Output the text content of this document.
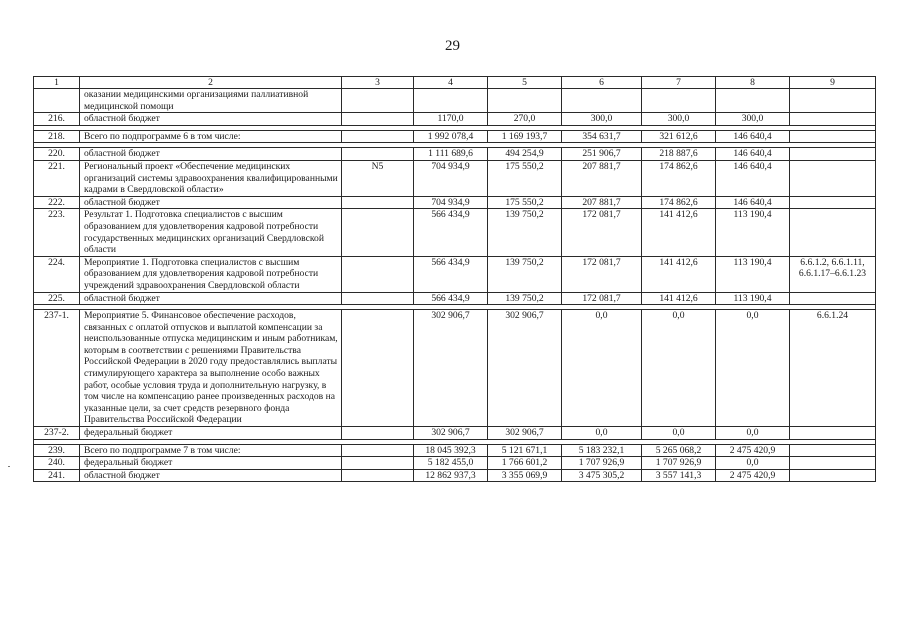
29
1	2	3	4	5	6	7	8	9
	оказании медицинскими организациями паллиативной медицинской помощи							
216.	областной бюджет		1170,0	270,0	300,0	300,0	300,0	

218.	Всего по подпрограмме 6 в том числе:		1 992 078,4	1 169 193,7	354 631,7	321 612,6	146 640,4	

220.	областной бюджет		1 111 689,6	494 254,9	251 906,7	218 887,6	146 640,4	
221.	Региональный проект «Обеспечение медицинских организаций системы здравоохранения квалифицированными кадрами в Свердловской области»	N5	704 934,9	175 550,2	207 881,7	174 862,6	146 640,4	
222.	областной бюджет		704 934,9	175 550,2	207 881,7	174 862,6	146 640,4	
223.	Результат 1. Подготовка специалистов с высшим образованием для удовлетворения кадровой потребности государственных медицинских организаций Свердловской области		566 434,9	139 750,2	172 081,7	141 412,6	113 190,4	
224.	Мероприятие 1. Подготовка специалистов с высшим образованием для удовлетворения кадровой потребности учреждений здравоохранения Свердловской области		566 434,9	139 750,2	172 081,7	141 412,6	113 190,4	6.6.1.2, 6.6.1.11, 6.6.1.17–6.6.1.23
225.	областной бюджет		566 434,9	139 750,2	172 081,7	141 412,6	113 190,4	

237-1.	Мероприятие 5. Финансовое обеспечение расходов, связанных с оплатой отпусков и выплатой компенсации за неиспользованные отпуска медицинским и иным работникам, которым в соответствии с решениями Правительства Российской Федерации в 2020 году предоставлялись выплаты стимулирующего характера за выполнение особо важных работ, особые условия труда и дополнительную нагрузку, в том числе на компенсацию ранее произведенных расходов на указанные цели, за счет средств резервного фонда Правительства Российской Федерации		302 906,7	302 906,7	0,0	0,0	0,0	6.6.1.24
237-2.	федеральный бюджет		302 906,7	302 906,7	0,0	0,0	0,0	

239.	Всего по подпрограмме 7 в том числе:		18 045 392,3	5 121 671,1	5 183 232,1	5 265 068,2	2 475 420,9	
240.	федеральный бюджет		5 182 455,0	1 766 601,2	1 707 926,9	1 707 926,9	0,0	
241.	областной бюджет		12 862 937,3	3 355 069,9	3 475 305,2	3 557 141,3	2 475 420,9	
